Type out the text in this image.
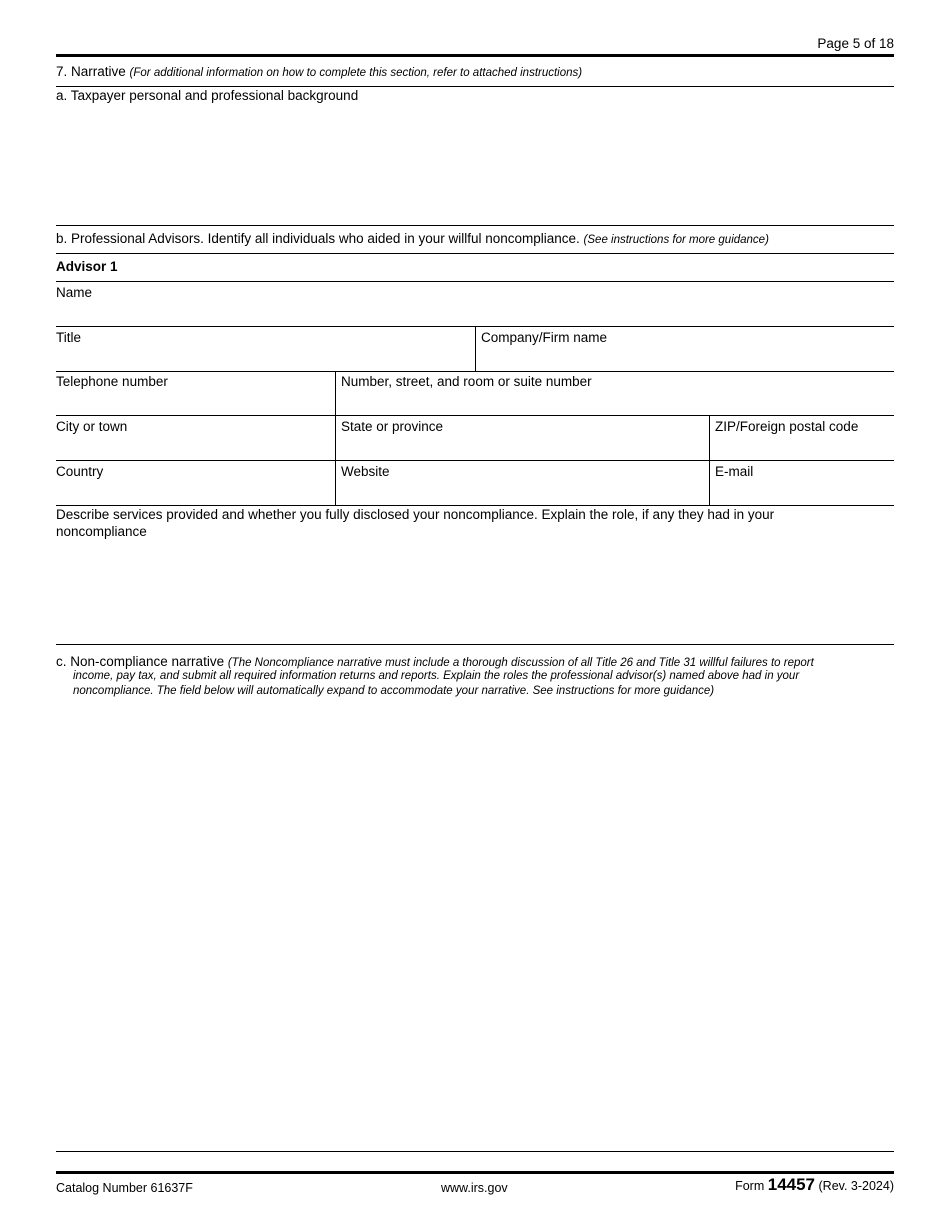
Page 5 of 18
7. Narrative (For additional information on how to complete this section, refer to attached instructions)
a. Taxpayer personal and professional background
b. Professional Advisors. Identify all individuals who aided in your willful noncompliance. (See instructions for more guidance)
Advisor 1
Name
Title	Company/Firm name
Telephone number	Number, street, and room or suite number
City or town	State or province	ZIP/Foreign postal code
Country	Website	E-mail
Describe services provided and whether you fully disclosed your noncompliance. Explain the role, if any they had in your
noncompliance
c. Non-compliance narrative (The Noncompliance narrative must include a thorough discussion of all Title 26 and Title 31 willful failures to report
income, pay tax, and submit all required information returns and reports. Explain the roles the professional advisor(s) named above had in your
noncompliance. The field below will automatically expand to accommodate your narrative. See instructions for more guidance)
Catalog Number 61637F	www.irs.gov	Form 14457 (Rev. 3-2024)
